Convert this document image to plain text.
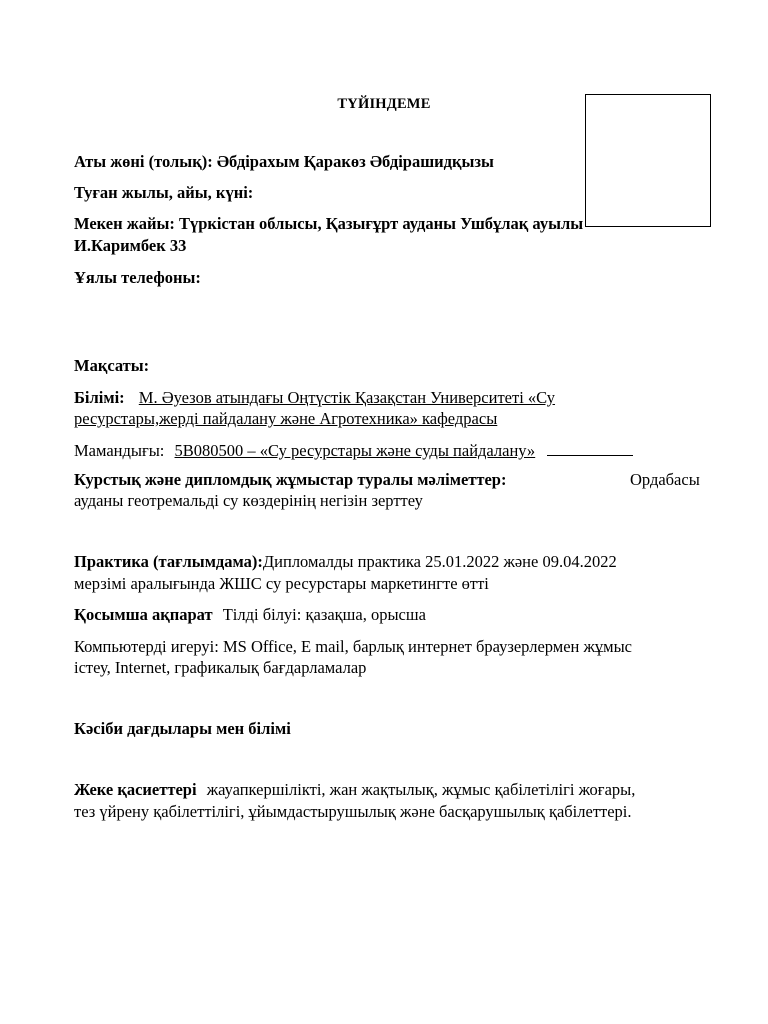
ТҮЙІНДЕМЕ
Аты жөні (толық): Әбдірахым Қаракөз Әбдірашидқызы
Туған жылы, айы, күні:
Мекен жайы: Түркістан облысы, Қазығұрт ауданы Ушбұлақ ауылы
И.Каримбек 33
Ұялы телефоны:
Мақсаты:
Білімі: М. Әуезов атындағы Оңтүстік Қазақстан Университеті «Су
ресурстары,жерді пайдалану және Агротехника» кафедрасы
Мамандығы: 5В080500 – «Су ресурстары және суды пайдалану»
Курстық және дипломдық жұмыстар туралы мәліметтер:	Ордабасы
ауданы геотремальді су көздерінің негізін зерттеу
Практика (тағлымдама):Дипломалды практика 25.01.2022 және 09.04.2022
мерзімі аралығында ЖШС су ресурстары маркетингте өтті
Қосымша ақпарат Тілді білуі: қазақша, орысша
Компьютерді игеруі: MS Office, E mail, барлық интернет браузерлермен жұмыс
істеу, Internet, графикалық бағдарламалар
Кәсіби дағдылары мен білімі
Жеке қасиеттері жауапкершілікті, жан жақтылық, жұмыс қабілетілігі жоғары,
тез үйрену қабілеттілігі, ұйымдастырушылық және басқарушылық қабілеттері.
